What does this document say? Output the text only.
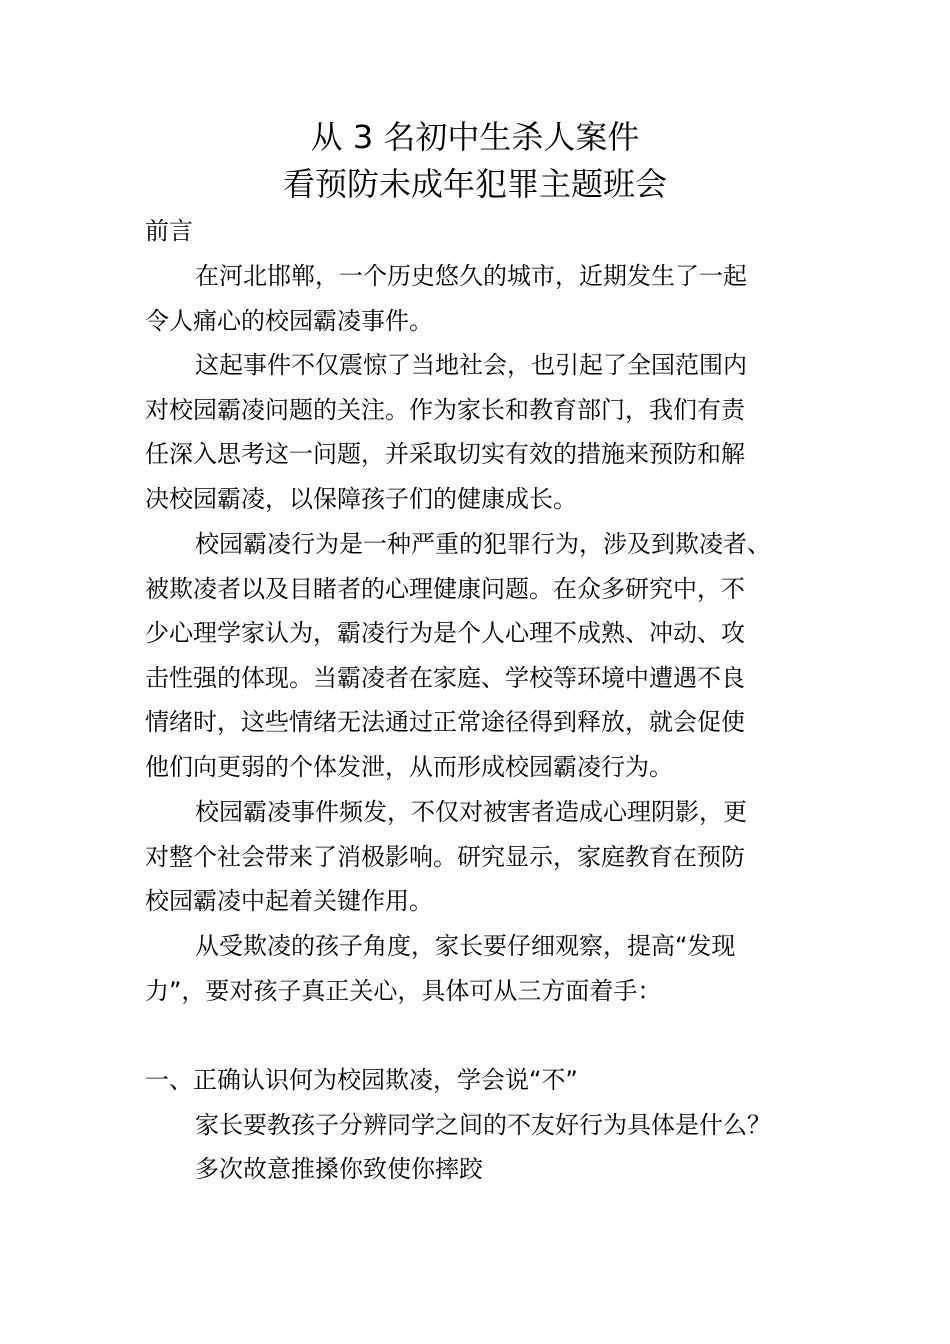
从 3 名初中生杀人案件
看预防未成年犯罪主题班会
前言
在河北邯郸，一个历史悠久的城市，近期发生了一起
令人痛心的校园霸凌事件。
这起事件不仅震惊了当地社会，也引起了全国范围内
对校园霸凌问题的关注。作为家长和教育部门，我们有责
任深入思考这一问题，并采取切实有效的措施来预防和解
决校园霸凌，以保障孩子们的健康成长。
校园霸凌行为是一种严重的犯罪行为，涉及到欺凌者、
被欺凌者以及目睹者的心理健康问题。在众多研究中，不
少心理学家认为，霸凌行为是个人心理不成熟、冲动、攻
击性强的体现。当霸凌者在家庭、学校等环境中遭遇不良
情绪时，这些情绪无法通过正常途径得到释放，就会促使
他们向更弱的个体发泄，从而形成校园霸凌行为。
校园霸凌事件频发，不仅对被害者造成心理阴影，更
对整个社会带来了消极影响。研究显示，家庭教育在预防
校园霸凌中起着关键作用。
从受欺凌的孩子角度，家长要仔细观察，提高“发现
力”，要对孩子真正关心，具体可从三方面着手：
一、正确认识何为校园欺凌，学会说“不”
家长要教孩子分辨同学之间的不友好行为具体是什么？
多次故意推搡你致使你摔跤
